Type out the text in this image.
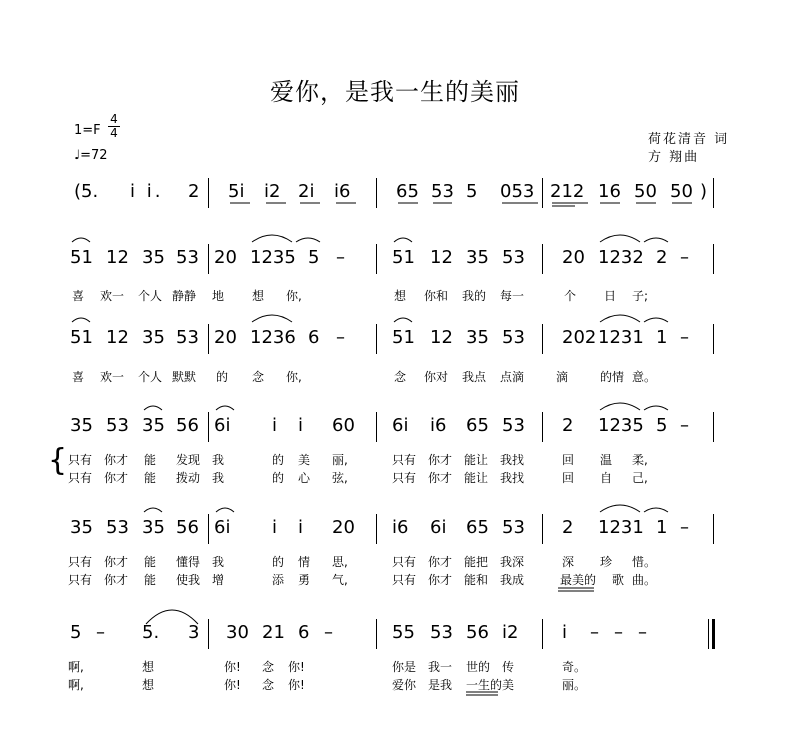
爱你，是我一生的美丽
1=F
4
4
♩=72
荷花清音 词
方 翔曲
(5. i i. 2 5i i2 2i i6	65 53 5 053 212 16 50 50 )
51 12 35 53 20 1235 5 –	51 12 35 53 20 1232 2 –
喜 欢一 个人 静静 地 想 你,	想 你和 我的 每一	个 日 子;
51 12 35 53 20 1236 6 –	51 12 35 53 202 1231 1 –
喜 欢一 个人 默默 的 念 你,	念 你对 我点 点滴	滴	的情 意。
35 53 35 56 6i i i 60 6i i6 65 53 2 1235 5 –
{ 只有 你才 能 发现 我	的 美 丽,	只有 你才 能让 我找	回 温 柔,
只有 你才 能 拨动 我	的 心 弦,	只有 你才 能让 我找	回 自 己,
35 53 35 56 6i i i 20 i6 6i 65 53 2 1231 1 –
只有 你才 能 懂得 我	的 情 思,	只有 你才 能把 我深	深 珍 惜。
只有 你才 能 使我 增	添 勇 气,	只有 你才 能和 我成	最美的 歌 曲。
5 – 5. 3 30 21 6 –	55 53 56 i2 i – – –
啊,	想	你! 念 你!	你是 我一 世的 传	奇。
啊,	想	你! 念 你!	爱你 是我 一生的美	丽。
